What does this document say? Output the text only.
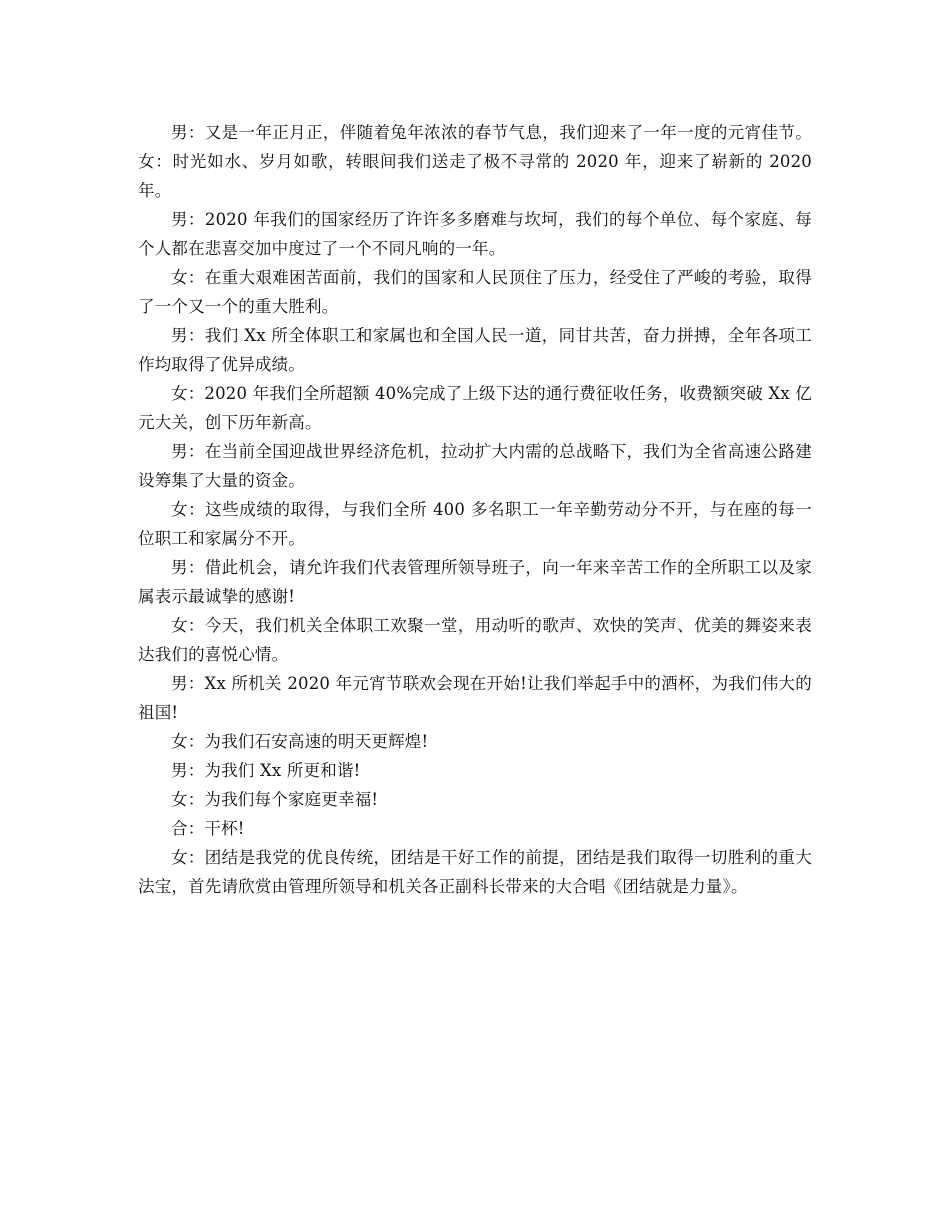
男：又是一年正月正，伴随着兔年浓浓的春节气息，我们迎来了一年一度的元宵佳节。 女：时光如水、岁月如歌，转眼间我们送走了极不寻常的 2020 年，迎来了崭新的 2020 年。

男：2020 年我们的国家经历了许许多多磨难与坎坷，我们的每个单位、每个家庭、每个人都在悲喜交加中度过了一个不同凡响的一年。

女：在重大艰难困苦面前，我们的国家和人民顶住了压力，经受住了严峻的考验，取得了一个又一个的重大胜利。

男：我们 Xx 所全体职工和家属也和全国人民一道，同甘共苦，奋力拼搏，全年各项工作均取得了优异成绩。

女：2020 年我们全所超额 40%完成了上级下达的通行费征收任务，收费额突破 Xx 亿元大关，创下历年新高。

男：在当前全国迎战世界经济危机，拉动扩大内需的总战略下，我们为全省高速公路建设筹集了大量的资金。

女：这些成绩的取得，与我们全所 400 多名职工一年辛勤劳动分不开，与在座的每一位职工和家属分不开。

男：借此机会，请允许我们代表管理所领导班子，向一年来辛苦工作的全所职工以及家属表示最诚挚的感谢!

女：今天，我们机关全体职工欢聚一堂，用动听的歌声、欢快的笑声、优美的舞姿来表达我们的喜悦心情。

男：Xx 所机关 2020 年元宵节联欢会现在开始!让我们举起手中的酒杯，为我们伟大的祖国!

女：为我们石安高速的明天更辉煌!

男：为我们 Xx 所更和谐!

女：为我们每个家庭更幸福!

合：干杯!

女：团结是我党的优良传统，团结是干好工作的前提，团结是我们取得一切胜利的重大法宝，首先请欣赏由管理所领导和机关各正副科长带来的大合唱《团结就是力量》。
